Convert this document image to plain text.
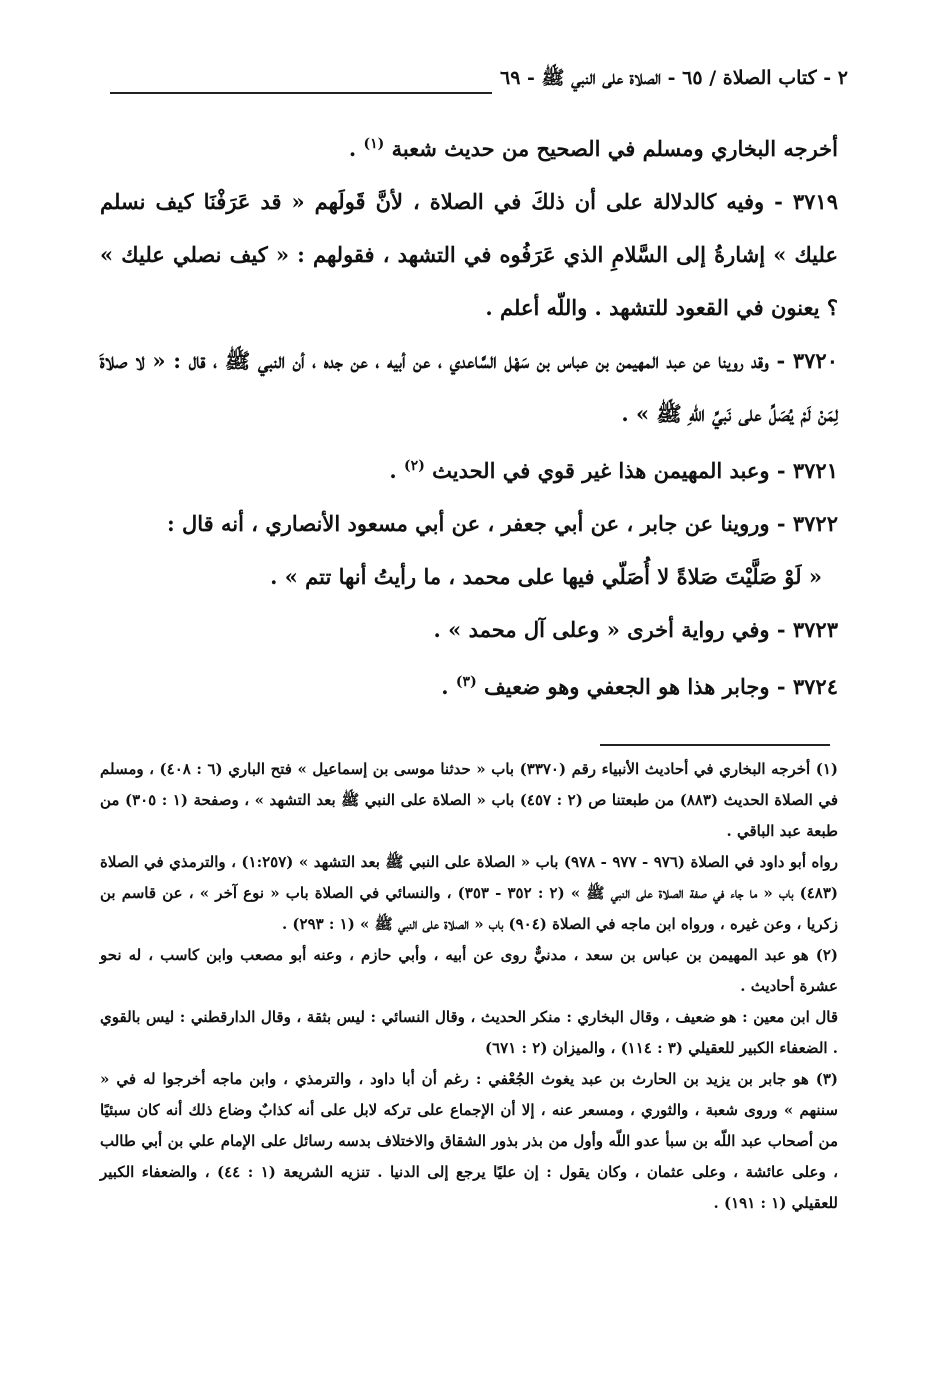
٢ - كتاب الصلاة / ٦٥ - الصلاة على النبي ﷺ - ٦٩

أخرجه البخاري ومسلم في الصحيح من حديث شعبة $^{(١)}$ .

٣٧١٩ - وفيه كالدلالة على أن ذلكَ في الصلاة ، لأنَّ قَولَهم « قد عَرَفْنَا كيف نسلم عليك » إشارةُ إلى السَّلامِ الذي عَرَفُوه في التشهد ، فقولهم : « كيف نصلي عليك » ؟ يعنون في القعود للتشهد . واللّه أعلم .

٣٧٢٠ - وقد روينا عن عبد المهيمن بن عباس بن سَهْل السَّاعدي ، عن أبيه ، عن جده ، أن النبي ﷺ ، قال : « لا صلاةَ لِمَنْ لَمْ يُصَلِّ على نَبيِّ اللّهِ ﷺ » .

٣٧٢١ - وعبد المهيمن هذا غير قوي في الحديث $^{(٢)}$ .

٣٧٢٢ - وروينا عن جابر ، عن أبي جعفر ، عن أبي مسعود الأنصاري ، أنه قال :

« لَوْ صَلَّيْتَ صَلاةً لا أُصَلّي فيها على محمد ، ما رأيتُ أنها تتم » .

٣٧٢٣ - وفي رواية أخرى « وعلى آل محمد » .

٣٧٢٤ - وجابر هذا هو الجعفي وهو ضعيف $^{(٣)}$ .

(١) أخرجه البخاري في أحاديث الأنبياء رقم (٣٣٧٠) باب « حدثنا موسى بن إسماعيل » فتح الباري (٦ : ٤٠٨) ، ومسلم في الصلاة الحديث (٨٨٣) من طبعتنا ص (٢ : ٤٥٧) باب « الصلاة على النبي ﷺ بعد التشهد » ، وصفحة (١ : ٣٠٥) من طبعة عبد الباقي .

رواه أبو داود في الصلاة (٩٧٦ - ٩٧٧ - ٩٧٨) باب « الصلاة على النبي ﷺ بعد التشهد » (١:٢٥٧) ، والترمذي في الصلاة (٤٨٣) باب « ما جاء في صفة الصلاة على النبي ﷺ » (٢ : ٣٥٢ - ٣٥٣) ، والنسائي في الصلاة باب « نوع آخر » ، عن قاسم بن زكريا ، وعن غيره ، ورواه ابن ماجه في الصلاة (٩٠٤) باب « الصلاة على النبي ﷺ » (١ : ٢٩٣) .

(٢) هو عبد المهيمن بن عباس بن سعد ، مدنيٌّ روى عن أبيه ، وأبي حازم ، وعنه أبو مصعب وابن كاسب ، له نحو عشرة أحاديث .

قال ابن معين : هو ضعيف ، وقال البخاري : منكر الحديث ، وقال النسائي : ليس بثقة ، وقال الدارقطني : ليس بالقوي . الضعفاء الكبير للعقيلي (٣ : ١١٤) ، والميزان (٢ : ٦٧١)

(٣) هو جابر بن يزيد بن الحارث بن عبد يغوث الجُعْفي : رغم أن أبا داود ، والترمذي ، وابن ماجه أخرجوا له في « سننهم » وروى شعبة ، والثوري ، ومسعر عنه ، إلا أن الإجماع على تركه لابل على أنه كذابٌ وضاع ذلك أنه كان سبئيًا من أصحاب عبد اللّه بن سبأ عدو اللّه وأول من بذر بذور الشقاق والاختلاف بدسه رسائل على الإمام علي بن أبي طالب ، وعلى عائشة ، وعلى عثمان ، وكان يقول : إن عليًا يرجع إلى الدنيا . تنزيه الشريعة (١ : ٤٤) ، والضعفاء الكبير للعقيلي (١ : ١٩١) .
